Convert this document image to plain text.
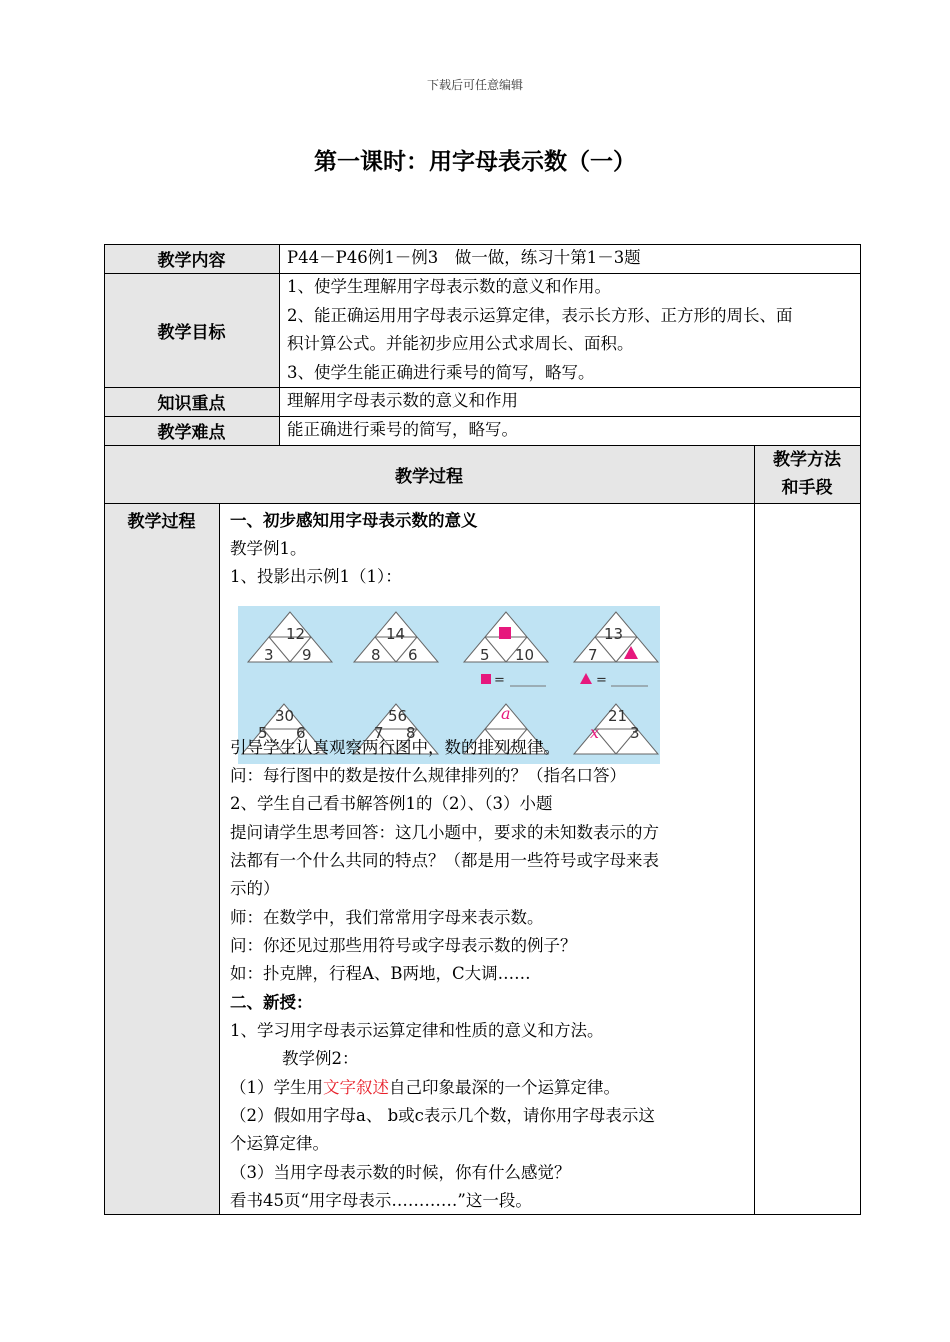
下载后可任意编辑
第一课时：用字母表示数（一）
教学内容	P44－P46例1－例3　做一做，练习十第1－3题
教学目标
1、使学生理解用字母表示数的意义和作用。
2、能正确运用用字母表示运算定律，表示长方形、正方形的周长、面
积计算公式。并能初步应用公式求周长、面积。
3、使学生能正确进行乘号的简写，略写。
知识重点	理解用字母表示数的意义和作用
教学难点	能正确进行乘号的简写，略写。
教学过程
教学方法
和手段
教学过程
12
3 9
14
8 6	5 10
=
13
7
=
30
5 6
56
7 8
a	21
x 3
一、初步感知用字母表示数的意义
教学例1。
1、投影出示例1（1）：
引导学生认真观察两行图中，数的排列规律。
问：每行图中的数是按什么规律排列的？（指名口答）
2、学生自己看书解答例1的（2）、（3）小题
提问请学生思考回答：这几小题中，要求的未知数表示的方
法都有一个什么共同的特点？（都是用一些符号或字母来表
示的）
师：在数学中，我们常常用字母来表示数。
问：你还见过那些用符号或字母表示数的例子？
如：扑克牌，行程A、B两地，C大调……
二、新授：
1、学习用字母表示运算定律和性质的意义和方法。
教学例2：
（1）学生用文字叙述自己印象最深的一个运算定律。
（2）假如用字母a、 b或c表示几个数，请你用字母表示这
个运算定律。
（3）当用字母表示数的时候，你有什么感觉？
看书45页“用字母表示…………”这一段。
